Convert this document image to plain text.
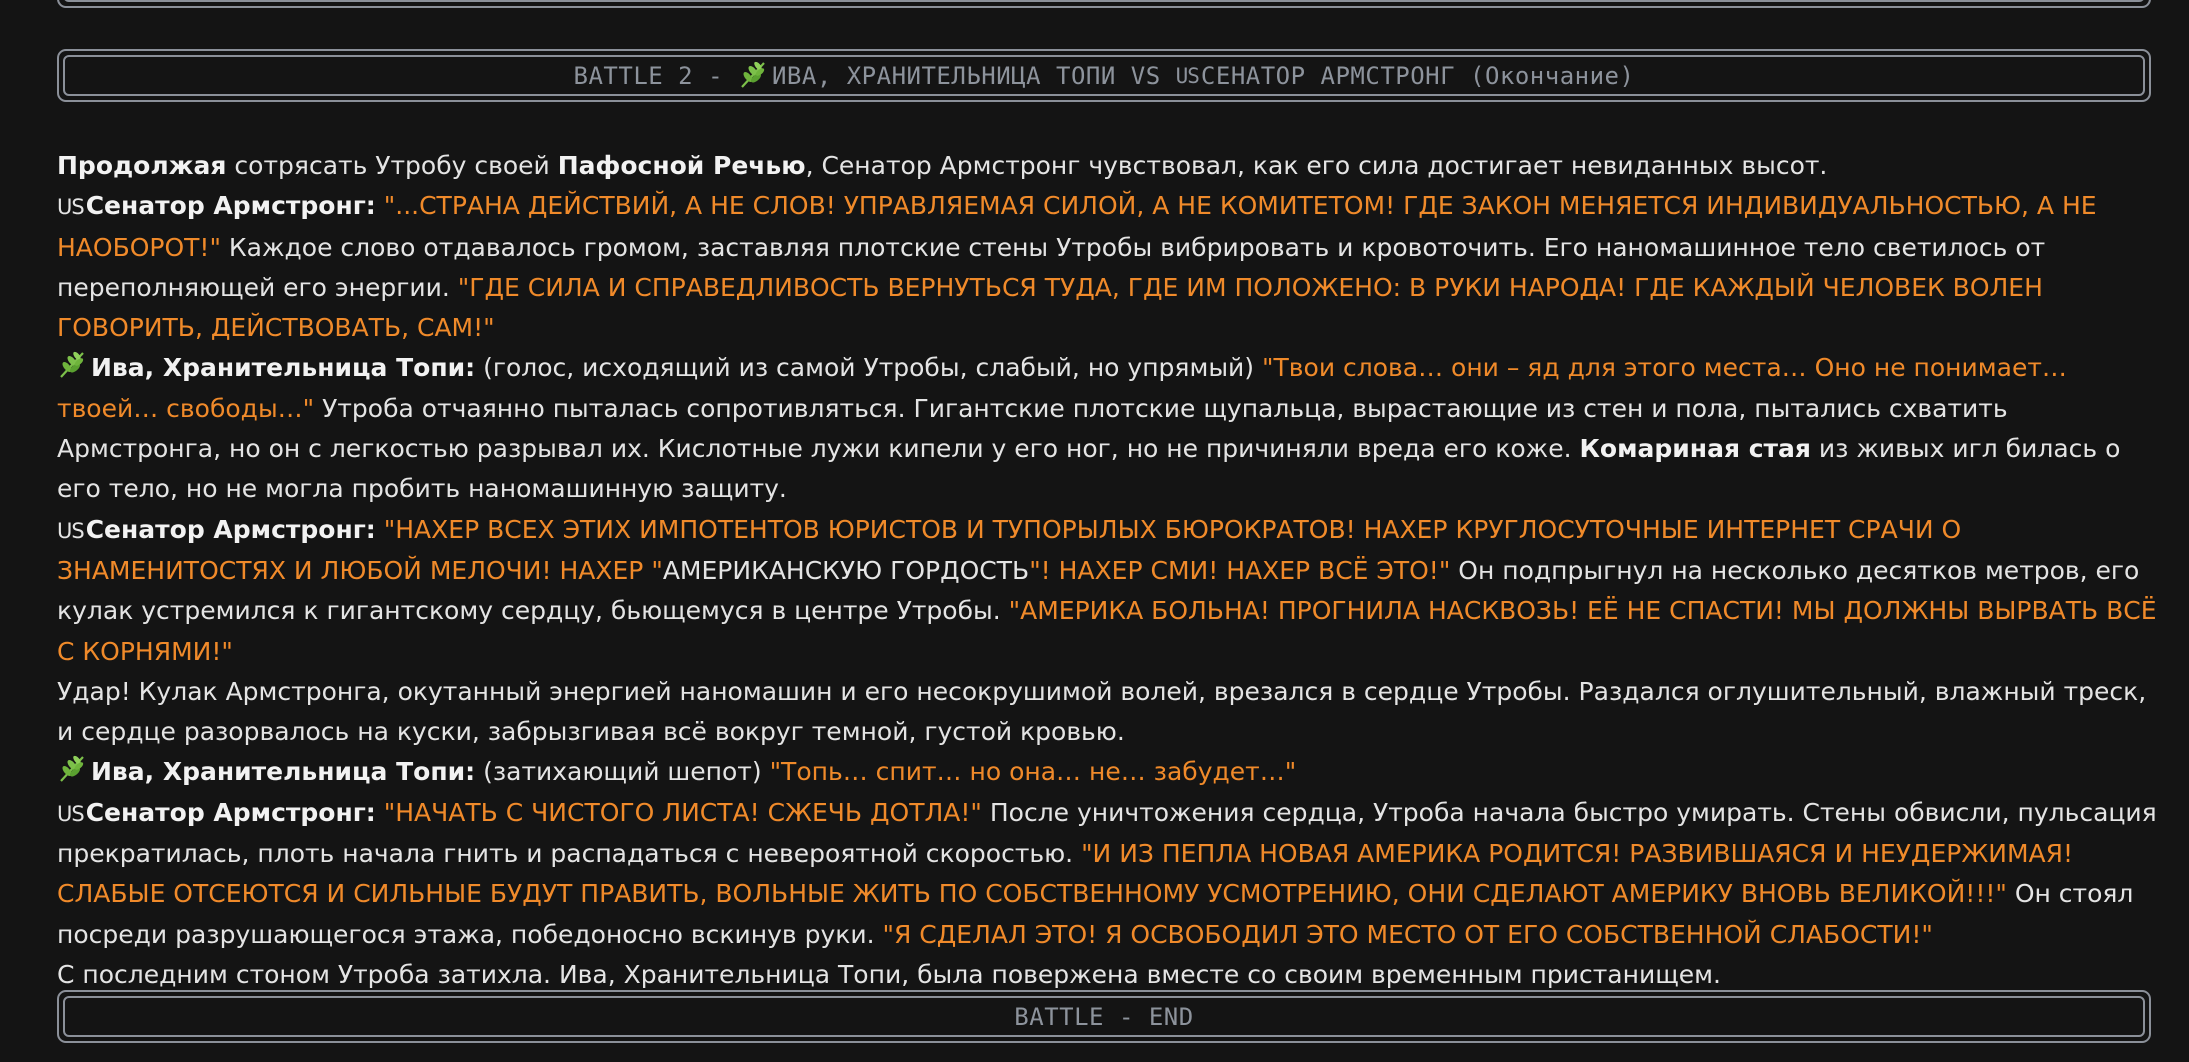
BATTLE 2 - ИВА, ХРАНИТЕЛЬНИЦА ТОПИ VS US СЕНАТОР АРМСТРОНГ (Окончание)

Продолжая сотрясать Утробу своей Пафосной Речью, Сенатор Армстронг чувствовал, как его сила достигает невиданных высот.

USСенатор Армстронг: "...СТРАНА ДЕЙСТВИЙ, А НЕ СЛОВ! УПРАВЛЯЕМАЯ СИЛОЙ, А НЕ КОМИТЕТОМ! ГДЕ ЗАКОН МЕНЯЕТСЯ ИНДИВИДУАЛЬНОСТЬЮ, А НЕ НАОБОРОТ!" Каждое слово отдавалось громом, заставляя плотские стены Утробы вибрировать и кровоточить. Его наномашинное тело светилось от переполняющей его энергии. "ГДЕ СИЛА И СПРАВЕДЛИВОСТЬ ВЕРНУТЬСЯ ТУДА, ГДЕ ИМ ПОЛОЖЕНО: В РУКИ НАРОДА! ГДЕ КАЖДЫЙ ЧЕЛОВЕК ВОЛЕН ГОВОРИТЬ, ДЕЙСТВОВАТЬ, САМ!"

Ива, Хранительница Топи: (голос, исходящий из самой Утробы, слабый, но упрямый) "Твои слова… они – яд для этого места… Оно не понимает… твоей… свободы…" Утроба отчаянно пыталась сопротивляться. Гигантские плотские щупальца, вырастающие из стен и пола, пытались схватить Армстронга, но он с легкостью разрывал их. Кислотные лужи кипели у его ног, но не причиняли вреда его коже. Комариная стая из живых игл билась о его тело, но не могла пробить наномашинную защиту.

USСенатор Армстронг: "НАХЕР ВСЕХ ЭТИХ ИМПОТЕНТОВ ЮРИСТОВ И ТУПОРЫЛЫХ БЮРОКРАТОВ! НАХЕР КРУГЛОСУТОЧНЫЕ ИНТЕРНЕТ СРАЧИ О ЗНАМЕНИТОСТЯХ И ЛЮБОЙ МЕЛОЧИ! НАХЕР "АМЕРИКАНСКУЮ ГОРДОСТЬ"! НАХЕР СМИ! НАХЕР ВСЁ ЭТО!" Он подпрыгнул на несколько десятков метров, его кулак устремился к гигантскому сердцу, бьющемуся в центре Утробы. "АМЕРИКА БОЛЬНА! ПРОГНИЛА НАСКВОЗЬ! ЕЁ НЕ СПАСТИ! МЫ ДОЛЖНЫ ВЫРВАТЬ ВСЁ С КОРНЯМИ!"

Удар! Кулак Армстронга, окутанный энергией наномашин и его несокрушимой волей, врезался в сердце Утробы. Раздался оглушительный, влажный треск, и сердце разорвалось на куски, забрызгивая всё вокруг темной, густой кровью.

Ива, Хранительница Топи: (затихающий шепот) "Топь… спит… но она… не… забудет…"

USСенатор Армстронг: "НАЧАТЬ С ЧИСТОГО ЛИСТА! СЖЕЧЬ ДОТЛА!" После уничтожения сердца, Утроба начала быстро умирать. Стены обвисли, пульсация прекратилась, плоть начала гнить и распадаться с невероятной скоростью. "И ИЗ ПЕПЛА НОВАЯ АМЕРИКА РОДИТСЯ! РАЗВИВШАЯСЯ И НЕУДЕРЖИМАЯ! СЛАБЫЕ ОТСЕЮТСЯ И СИЛЬНЫЕ БУДУТ ПРАВИТЬ, ВОЛЬНЫЕ ЖИТЬ ПО СОБСТВЕННОМУ УСМОТРЕНИЮ, ОНИ СДЕЛАЮТ АМЕРИКУ ВНОВЬ ВЕЛИКОЙ!!!" Он стоял посреди разрушающегося этажа, победоносно вскинув руки. "Я СДЕЛАЛ ЭТО! Я ОСВОБОДИЛ ЭТО МЕСТО ОТ ЕГО СОБСТВЕННОЙ СЛАБОСТИ!"

С последним стоном Утроба затихла. Ива, Хранительница Топи, была повержена вместе со своим временным пристанищем.

BATTLE - END
